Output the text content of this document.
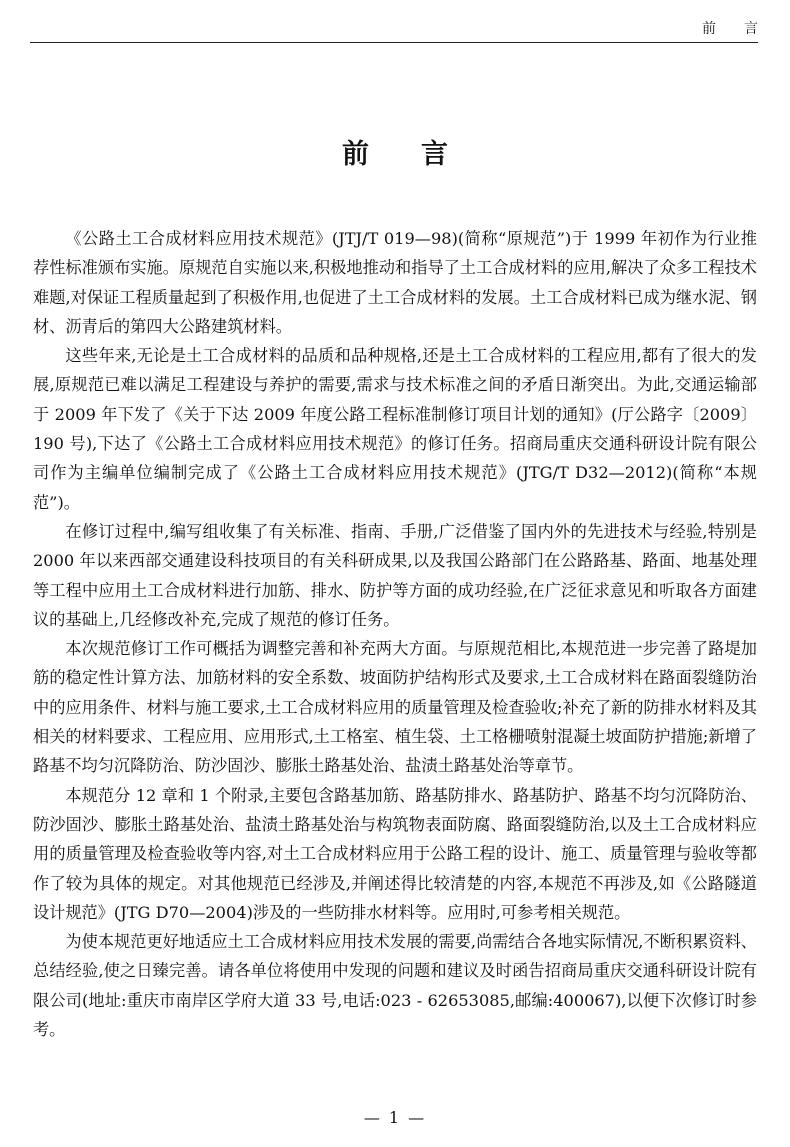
前言
前言

《公路土工合成材料应用技术规范》(JTJ/T 019—98)(简称“原规范”)于 1999 年初作为行业推荐性标准颁布实施。原规范自实施以来,积极地推动和指导了土工合成材料的应用,解决了众多工程技术难题,对保证工程质量起到了积极作用,也促进了土工合成材料的发展。土工合成材料已成为继水泥、钢材、沥青后的第四大公路建筑材料。

这些年来,无论是土工合成材料的品质和品种规格,还是土工合成材料的工程应用,都有了很大的发展,原规范已难以满足工程建设与养护的需要,需求与技术标准之间的矛盾日渐突出。为此,交通运输部于 2009 年下发了《关于下达 2009 年度公路工程标准制修订项目计划的通知》(厅公路字〔2009〕190 号),下达了《公路土工合成材料应用技术规范》的修订任务。招商局重庆交通科研设计院有限公司作为主编单位编制完成了《公路土工合成材料应用技术规范》(JTG/T D32—2012)(简称“本规范”)。

在修订过程中,编写组收集了有关标准、指南、手册,广泛借鉴了国内外的先进技术与经验,特别是 2000 年以来西部交通建设科技项目的有关科研成果,以及我国公路部门在公路路基、路面、地基处理等工程中应用土工合成材料进行加筋、排水、防护等方面的成功经验,在广泛征求意见和听取各方面建议的基础上,几经修改补充,完成了规范的修订任务。

本次规范修订工作可概括为调整完善和补充两大方面。与原规范相比,本规范进一步完善了路堤加筋的稳定性计算方法、加筋材料的安全系数、坡面防护结构形式及要求,土工合成材料在路面裂缝防治中的应用条件、材料与施工要求,土工合成材料应用的质量管理及检查验收;补充了新的防排水材料及其相关的材料要求、工程应用、应用形式,土工格室、植生袋、土工格栅喷射混凝土坡面防护措施;新增了路基不均匀沉降防治、防沙固沙、膨胀土路基处治、盐渍土路基处治等章节。

本规范分 12 章和 1 个附录,主要包含路基加筋、路基防排水、路基防护、路基不均匀沉降防治、防沙固沙、膨胀土路基处治、盐渍土路基处治与构筑物表面防腐、路面裂缝防治,以及土工合成材料应用的质量管理及检查验收等内容,对土工合成材料应用于公路工程的设计、施工、质量管理与验收等都作了较为具体的规定。对其他规范已经涉及,并阐述得比较清楚的内容,本规范不再涉及,如《公路隧道设计规范》(JTG D70—2004)涉及的一些防排水材料等。应用时,可参考相关规范。

为使本规范更好地适应土工合成材料应用技术发展的需要,尚需结合各地实际情况,不断积累资料、总结经验,使之日臻完善。请各单位将使用中发现的问题和建议及时函告招商局重庆交通科研设计院有限公司(地址:重庆市南岸区学府大道 33 号,电话:023 - 62653085,邮编:400067),以便下次修订时参考。

— 1 —
